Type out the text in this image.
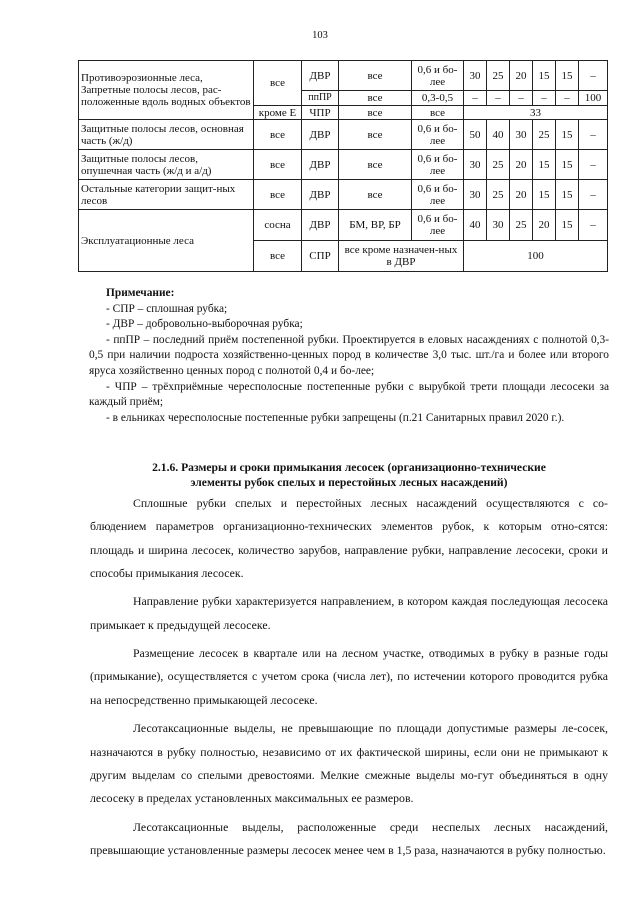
103
Противоэрозионные леса, Запретные полосы лесов, рас-положенные вдоль водных объектов	все	ДВР	все	0,6 и бо-лее	30	25	20	15	15	–
		ппПР	все	0,3-0,5	–	–	–	–	–	100
	кроме Е	ЧПР	все	все	33					
Защитные полосы лесов, основная часть (ж/д)	все	ДВР	все	0,6 и бо-лее	50	40	30	25	15	–
Защитные полосы лесов, опушечная часть (ж/д и а/д)	все	ДВР	все	0,6 и бо-лее	30	25	20	15	15	–
Остальные категории защит-ных лесов	все	ДВР	все	0,6 и бо-лее	30	25	20	15	15	–
Эксплуатационные леса	сосна	ДВР	БМ, ВР, БР	0,6 и бо-лее	40	30	25	20	15	–
	все	СПР	все кроме назначен-ных в ДВР		100					
Примечание:

- СПР – сплошная рубка;

- ДВР – добровольно-выборочная рубка;

- ппПР – последний приём постепенной рубки. Проектируется в еловых насаждениях с полнотой 0,3-0,5 при наличии подроста хозяйственно-ценных пород в количестве 3,0 тыс. шт./га и более или второго яруса хозяйственно ценных пород с полнотой 0,4 и бо-лее;

- ЧПР – трёхприёмные чересполосные постепенные рубки с вырубкой трети площади лесосеки за каждый приём;

- в ельниках чересполосные постепенные рубки запрещены (п.21 Санитарных правил 2020 г.).

2.1.6. Размеры и сроки примыкания лесосек (организационно-технические
элементы рубок спелых и перестойных лесных насаждений)

Сплошные рубки спелых и перестойных лесных насаждений осуществляются с со-блюдением параметров организационно-технических элементов рубок, к которым отно-сятся: площадь и ширина лесосек, количество зарубов, направление рубки, направление лесосеки, сроки и способы примыкания лесосек.

Направление рубки характеризуется направлением, в котором каждая последующая лесосека примыкает к предыдущей лесосеке.

Размещение лесосек в квартале или на лесном участке, отводимых в рубку в разные годы (примыкание), осуществляется с учетом срока (числа лет), по истечении которого проводится рубка на непосредственно примыкающей лесосеке.

Лесотаксационные выделы, не превышающие по площади допустимые размеры ле-сосек, назначаются в рубку полностью, независимо от их фактической ширины, если они не примыкают к другим выделам со спелыми древостоями. Мелкие смежные выделы мо-гут объединяться в одну лесосеку в пределах установленных максимальных ее размеров.

Лесотаксационные выделы, расположенные среди неспелых лесных насаждений, превышающие установленные размеры лесосек менее чем в 1,5 раза, назначаются в рубку полностью.
